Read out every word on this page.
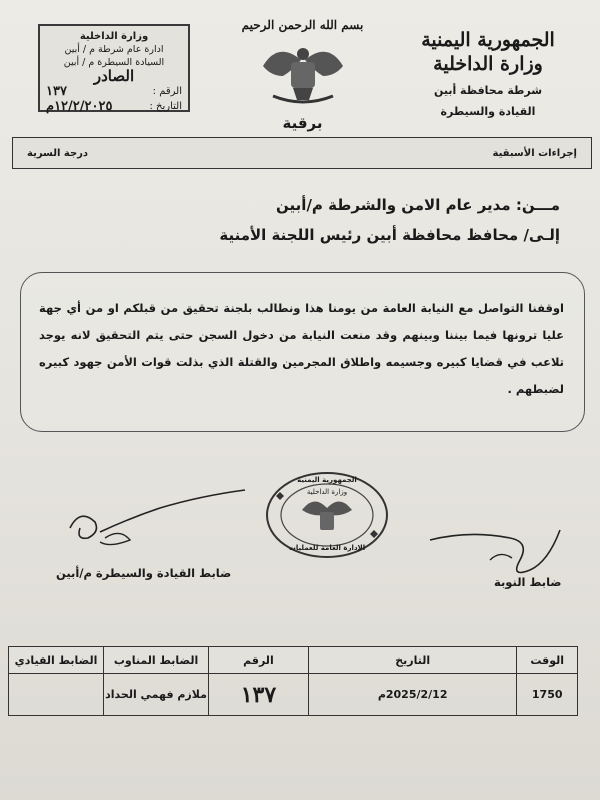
الجمهورية اليمنية
وزارة الداخلية
شرطة محافظة أبين
القيادة والسيطرة
بسم الله الرحمن الرحيم
برقية
وزارة الداخلية
ادارة عام شرطة م / أبين
السيادة السيطرة م / أبين
الصادر
الرقم :
١٣٧
التاريخ :
١٢/٢/٢٠٢٥م
إجراءات الأسبقية
درجة السرية
مـــن: مدير عام الامن والشرطة م/أبين
إلـى/ محافظ محافظة أبين رئيس اللجنة الأمنية
اوقفنا التواصل مع النيابة العامة من يومنا هذا ونطالب بلجنة تحقيق من قبلكم او من أي جهة عليا ترونها فيما بيننا وبينهم وقد منعت النيابة من دخول السجن حتى يتم التحقيق لانه يوجد تلاعب في قضايا كبيره وجسيمه واطلاق المجرمين والقتلة الذي بذلت قوات الأمن جهود كبيره لضبطهم .
ضابط القيادة والسيطرة م/أبين
ضابط النوبة
الجمهورية اليمنية
وزارة الداخلية
الإدارة العامة للعمليات
الوقت	التاريخ	الرقم	الضابط المناوب	الضابط القيادي
1750	2025/2/12م	١٣٧	ملازم فهمي الحداد	
